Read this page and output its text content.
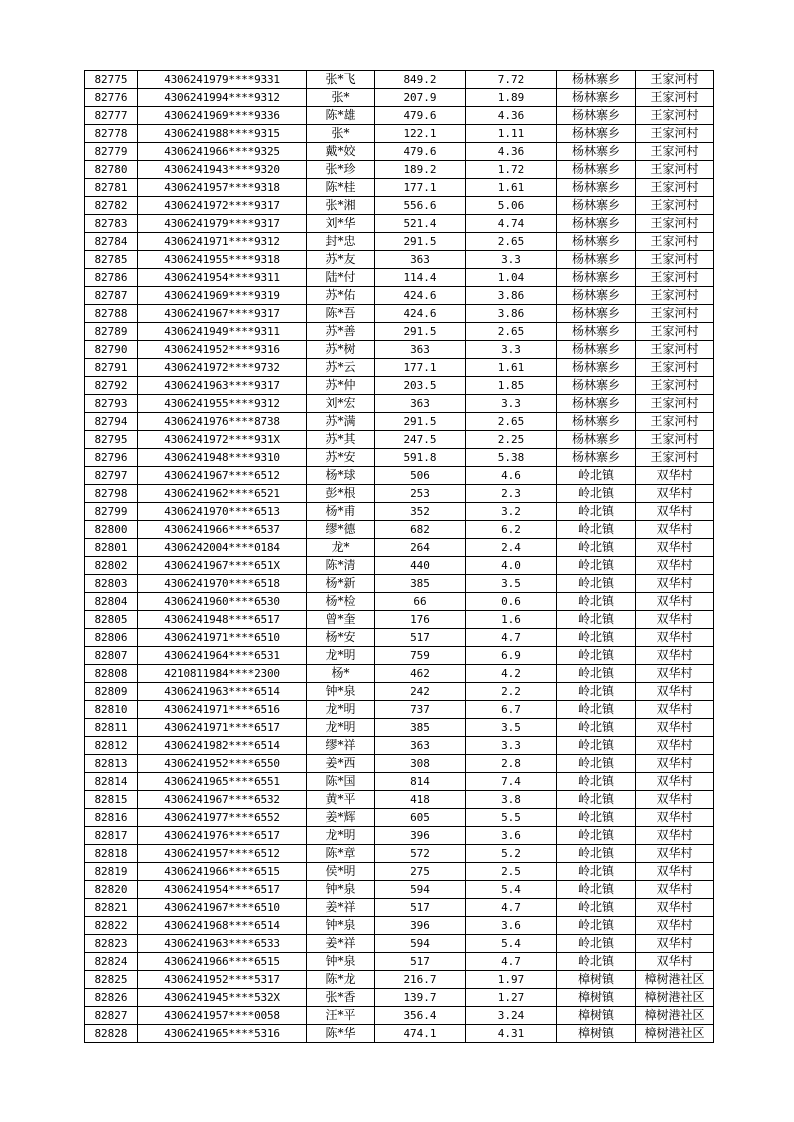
82775	4306241979****9331	张*飞	849.2	7.72	杨林寨乡	王家河村
82776	4306241994****9312	张*	207.9	1.89	杨林寨乡	王家河村
82777	4306241969****9336	陈*雄	479.6	4.36	杨林寨乡	王家河村
82778	4306241988****9315	张*	122.1	1.11	杨林寨乡	王家河村
82779	4306241966****9325	戴*姣	479.6	4.36	杨林寨乡	王家河村
82780	4306241943****9320	张*珍	189.2	1.72	杨林寨乡	王家河村
82781	4306241957****9318	陈*桂	177.1	1.61	杨林寨乡	王家河村
82782	4306241972****9317	张*湘	556.6	5.06	杨林寨乡	王家河村
82783	4306241979****9317	刘*华	521.4	4.74	杨林寨乡	王家河村
82784	4306241971****9312	封*忠	291.5	2.65	杨林寨乡	王家河村
82785	4306241955****9318	苏*友	363	3.3	杨林寨乡	王家河村
82786	4306241954****9311	陆*付	114.4	1.04	杨林寨乡	王家河村
82787	4306241969****9319	苏*佑	424.6	3.86	杨林寨乡	王家河村
82788	4306241967****9317	陈*吾	424.6	3.86	杨林寨乡	王家河村
82789	4306241949****9311	苏*善	291.5	2.65	杨林寨乡	王家河村
82790	4306241952****9316	苏*树	363	3.3	杨林寨乡	王家河村
82791	4306241972****9732	苏*云	177.1	1.61	杨林寨乡	王家河村
82792	4306241963****9317	苏*仲	203.5	1.85	杨林寨乡	王家河村
82793	4306241955****9312	刘*宏	363	3.3	杨林寨乡	王家河村
82794	4306241976****8738	苏*满	291.5	2.65	杨林寨乡	王家河村
82795	4306241972****931X	苏*其	247.5	2.25	杨林寨乡	王家河村
82796	4306241948****9310	苏*安	591.8	5.38	杨林寨乡	王家河村
82797	4306241967****6512	杨*球	506	4.6	岭北镇	双华村
82798	4306241962****6521	彭*根	253	2.3	岭北镇	双华村
82799	4306241970****6513	杨*甫	352	3.2	岭北镇	双华村
82800	4306241966****6537	缪*德	682	6.2	岭北镇	双华村
82801	4306242004****0184	龙*	264	2.4	岭北镇	双华村
82802	4306241967****651X	陈*清	440	4.0	岭北镇	双华村
82803	4306241970****6518	杨*新	385	3.5	岭北镇	双华村
82804	4306241960****6530	杨*检	66	0.6	岭北镇	双华村
82805	4306241948****6517	曾*奎	176	1.6	岭北镇	双华村
82806	4306241971****6510	杨*安	517	4.7	岭北镇	双华村
82807	4306241964****6531	龙*明	759	6.9	岭北镇	双华村
82808	4210811984****2300	杨*	462	4.2	岭北镇	双华村
82809	4306241963****6514	钟*泉	242	2.2	岭北镇	双华村
82810	4306241971****6516	龙*明	737	6.7	岭北镇	双华村
82811	4306241971****6517	龙*明	385	3.5	岭北镇	双华村
82812	4306241982****6514	缪*祥	363	3.3	岭北镇	双华村
82813	4306241952****6550	姜*西	308	2.8	岭北镇	双华村
82814	4306241965****6551	陈*国	814	7.4	岭北镇	双华村
82815	4306241967****6532	黄*平	418	3.8	岭北镇	双华村
82816	4306241977****6552	姜*辉	605	5.5	岭北镇	双华村
82817	4306241976****6517	龙*明	396	3.6	岭北镇	双华村
82818	4306241957****6512	陈*章	572	5.2	岭北镇	双华村
82819	4306241966****6515	侯*明	275	2.5	岭北镇	双华村
82820	4306241954****6517	钟*泉	594	5.4	岭北镇	双华村
82821	4306241967****6510	姜*祥	517	4.7	岭北镇	双华村
82822	4306241968****6514	钟*泉	396	3.6	岭北镇	双华村
82823	4306241963****6533	姜*祥	594	5.4	岭北镇	双华村
82824	4306241966****6515	钟*泉	517	4.7	岭北镇	双华村
82825	4306241952****5317	陈*龙	216.7	1.97	樟树镇	樟树港社区
82826	4306241945****532X	张*香	139.7	1.27	樟树镇	樟树港社区
82827	4306241957****0058	汪*平	356.4	3.24	樟树镇	樟树港社区
82828	4306241965****5316	陈*华	474.1	4.31	樟树镇	樟树港社区
